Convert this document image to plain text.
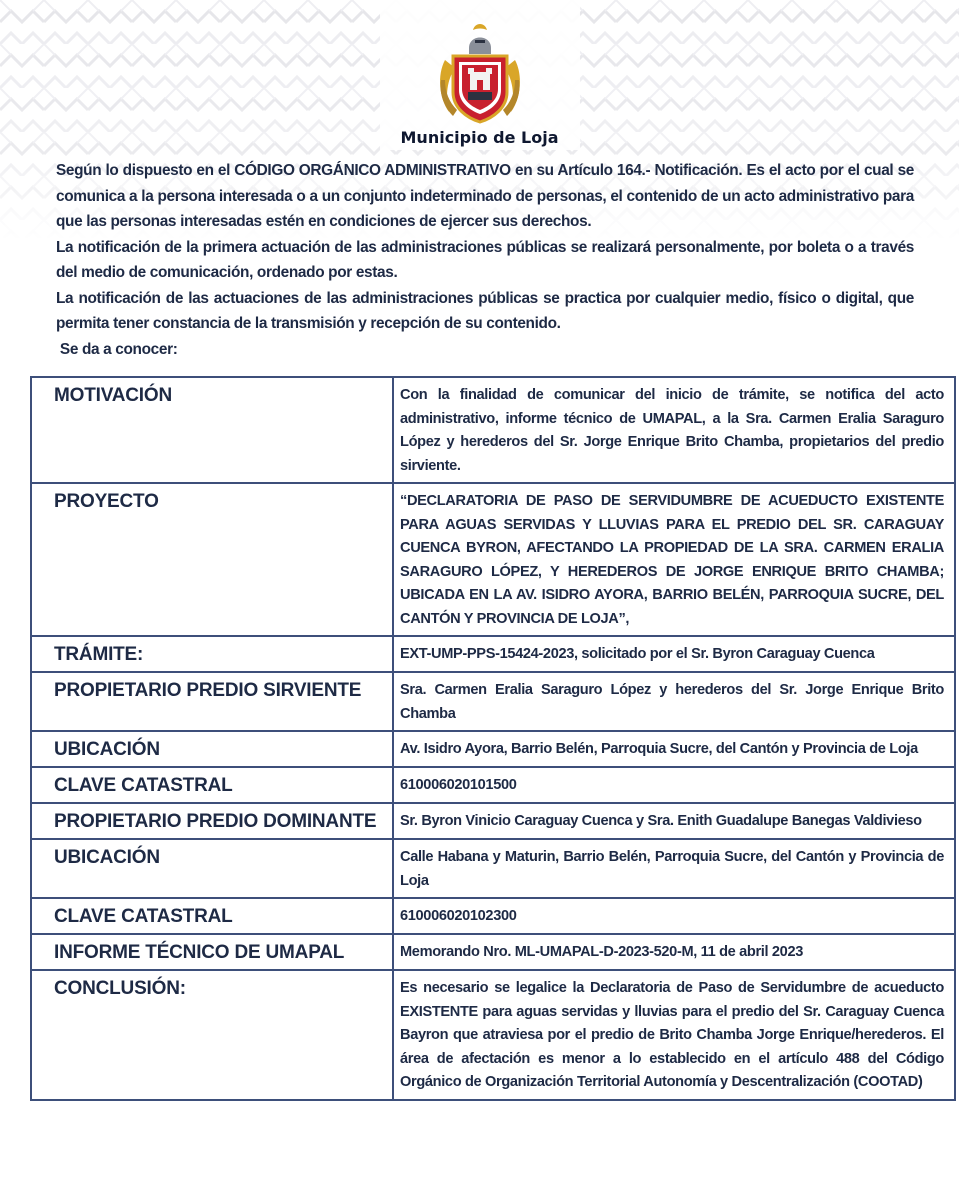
Municipio de Loja

Según lo dispuesto en el CÓDIGO ORGÁNICO ADMINISTRATIVO en su Artículo 164.- Notificación. Es el acto por el cual se comunica a la persona interesada o a un conjunto indeterminado de personas, el contenido de un acto administrativo para que las personas interesadas estén en condiciones de ejercer sus derechos.

La notificación de la primera actuación de las administraciones públicas se realizará personalmente, por boleta o a través del medio de comunicación, ordenado por estas.

La notificación de las actuaciones de las administraciones públicas se practica por cualquier medio, físico o digital, que permita tener constancia de la transmisión y recepción de su contenido.

Se da a conocer:

MOTIVACIÓN	Con la finalidad de comunicar del inicio de trámite, se notifica del acto administrativo, informe técnico de UMAPAL, a la Sra. Carmen Eralia Saraguro López y herederos del Sr. Jorge Enrique Brito Chamba, propietarios del predio sirviente.
PROYECTO	“DECLARATORIA DE PASO DE SERVIDUMBRE DE ACUEDUCTO EXISTENTE PARA AGUAS SERVIDAS Y LLUVIAS PARA EL PREDIO DEL SR. CARAGUAY CUENCA BYRON, AFECTANDO LA PROPIEDAD DE LA SRA. CARMEN ERALIA SARAGURO LÓPEZ, Y HEREDEROS DE JORGE ENRIQUE BRITO CHAMBA; UBICADA EN LA AV. ISIDRO AYORA, BARRIO BELÉN, PARROQUIA SUCRE, DEL CANTÓN Y PROVINCIA DE LOJA”,
TRÁMITE:	EXT-UMP-PPS-15424-2023, solicitado por el Sr. Byron Caraguay Cuenca
PROPIETARIO PREDIO SIRVIENTE	Sra. Carmen Eralia Saraguro López y herederos del Sr. Jorge Enrique Brito Chamba
UBICACIÓN	Av. Isidro Ayora, Barrio Belén, Parroquia Sucre, del Cantón y Provincia de Loja
CLAVE CATASTRAL	610006020101500
PROPIETARIO PREDIO DOMINANTE	Sr. Byron Vinicio Caraguay Cuenca y Sra. Enith Guadalupe Banegas Valdivieso
UBICACIÓN	Calle Habana y Maturin, Barrio Belén, Parroquia Sucre, del Cantón y Provincia de Loja
CLAVE CATASTRAL	610006020102300
INFORME TÉCNICO DE UMAPAL	Memorando Nro. ML-UMAPAL-D-2023-520-M, 11 de abril 2023
CONCLUSIÓN:	Es necesario se legalice la Declaratoria de Paso de Servidumbre de acueducto EXISTENTE para aguas servidas y lluvias para el predio del Sr. Caraguay Cuenca Bayron que atraviesa por el predio de Brito Chamba Jorge Enrique/herederos. El área de afectación es menor a lo establecido en el artículo 488 del Código Orgánico de Organización Territorial Autonomía y Descentralización (COOTAD)
